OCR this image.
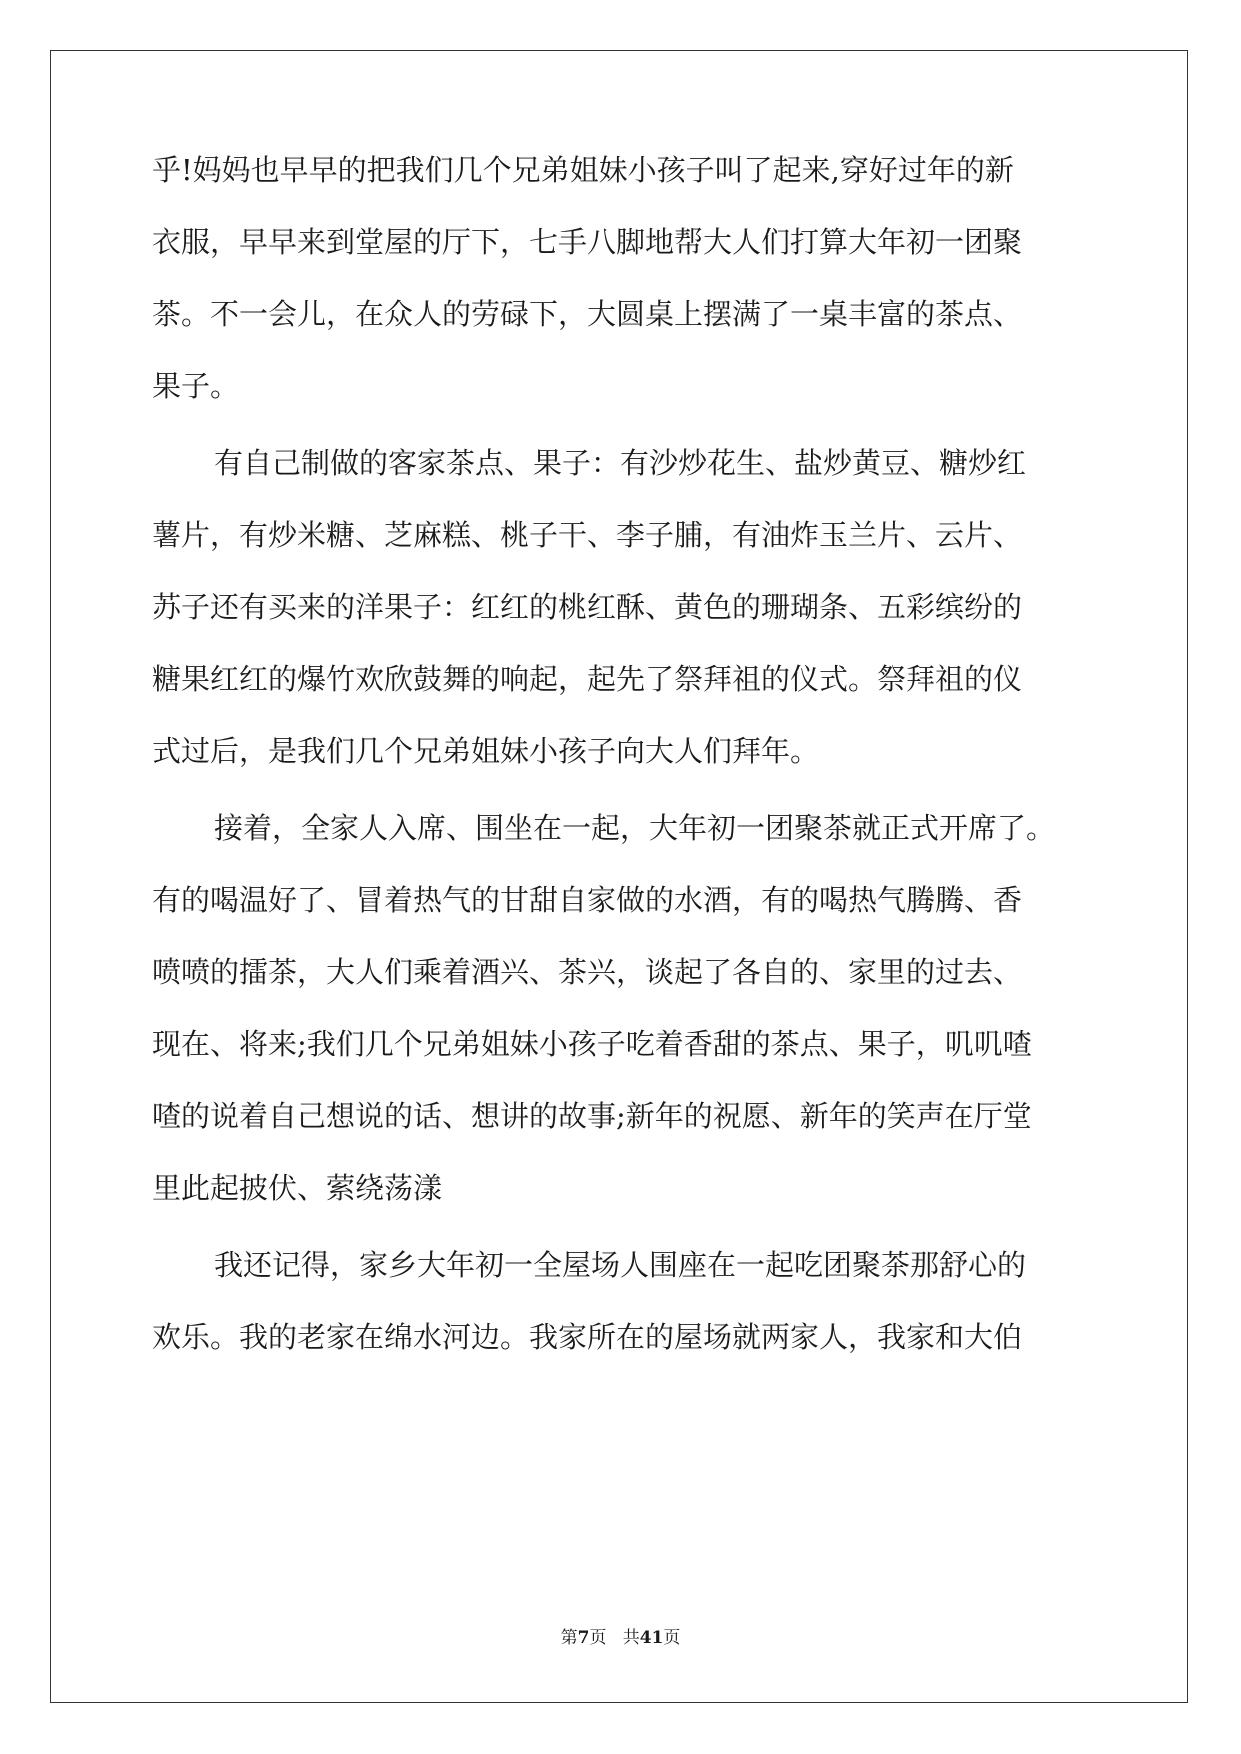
乎!妈妈也早早的把我们几个兄弟姐妹小孩子叫了起来,穿好过年的新
衣服，早早来到堂屋的厅下，七手八脚地帮大人们打算大年初一团聚
茶。不一会儿，在众人的劳碌下，大圆桌上摆满了一桌丰富的茶点、
果子。
有自己制做的客家茶点、果子：有沙炒花生、盐炒黄豆、糖炒红
薯片，有炒米糖、芝麻糕、桃子干、李子脯，有油炸玉兰片、云片、
苏子还有买来的洋果子：红红的桃红酥、黄色的珊瑚条、五彩缤纷的
糖果红红的爆竹欢欣鼓舞的响起，起先了祭拜祖的仪式。祭拜祖的仪
式过后，是我们几个兄弟姐妹小孩子向大人们拜年。
接着，全家人入席、围坐在一起，大年初一团聚茶就正式开席了。
有的喝温好了、冒着热气的甘甜自家做的水酒，有的喝热气腾腾、香
喷喷的擂茶，大人们乘着酒兴、茶兴，谈起了各自的、家里的过去、
现在、将来;我们几个兄弟姐妹小孩子吃着香甜的茶点、果子，叽叽喳
喳的说着自己想说的话、想讲的故事;新年的祝愿、新年的笑声在厅堂
里此起披伏、萦绕荡漾
我还记得，家乡大年初一全屋场人围座在一起吃团聚茶那舒心的
欢乐。我的老家在绵水河边。我家所在的屋场就两家人，我家和大伯
第7页 共41页
